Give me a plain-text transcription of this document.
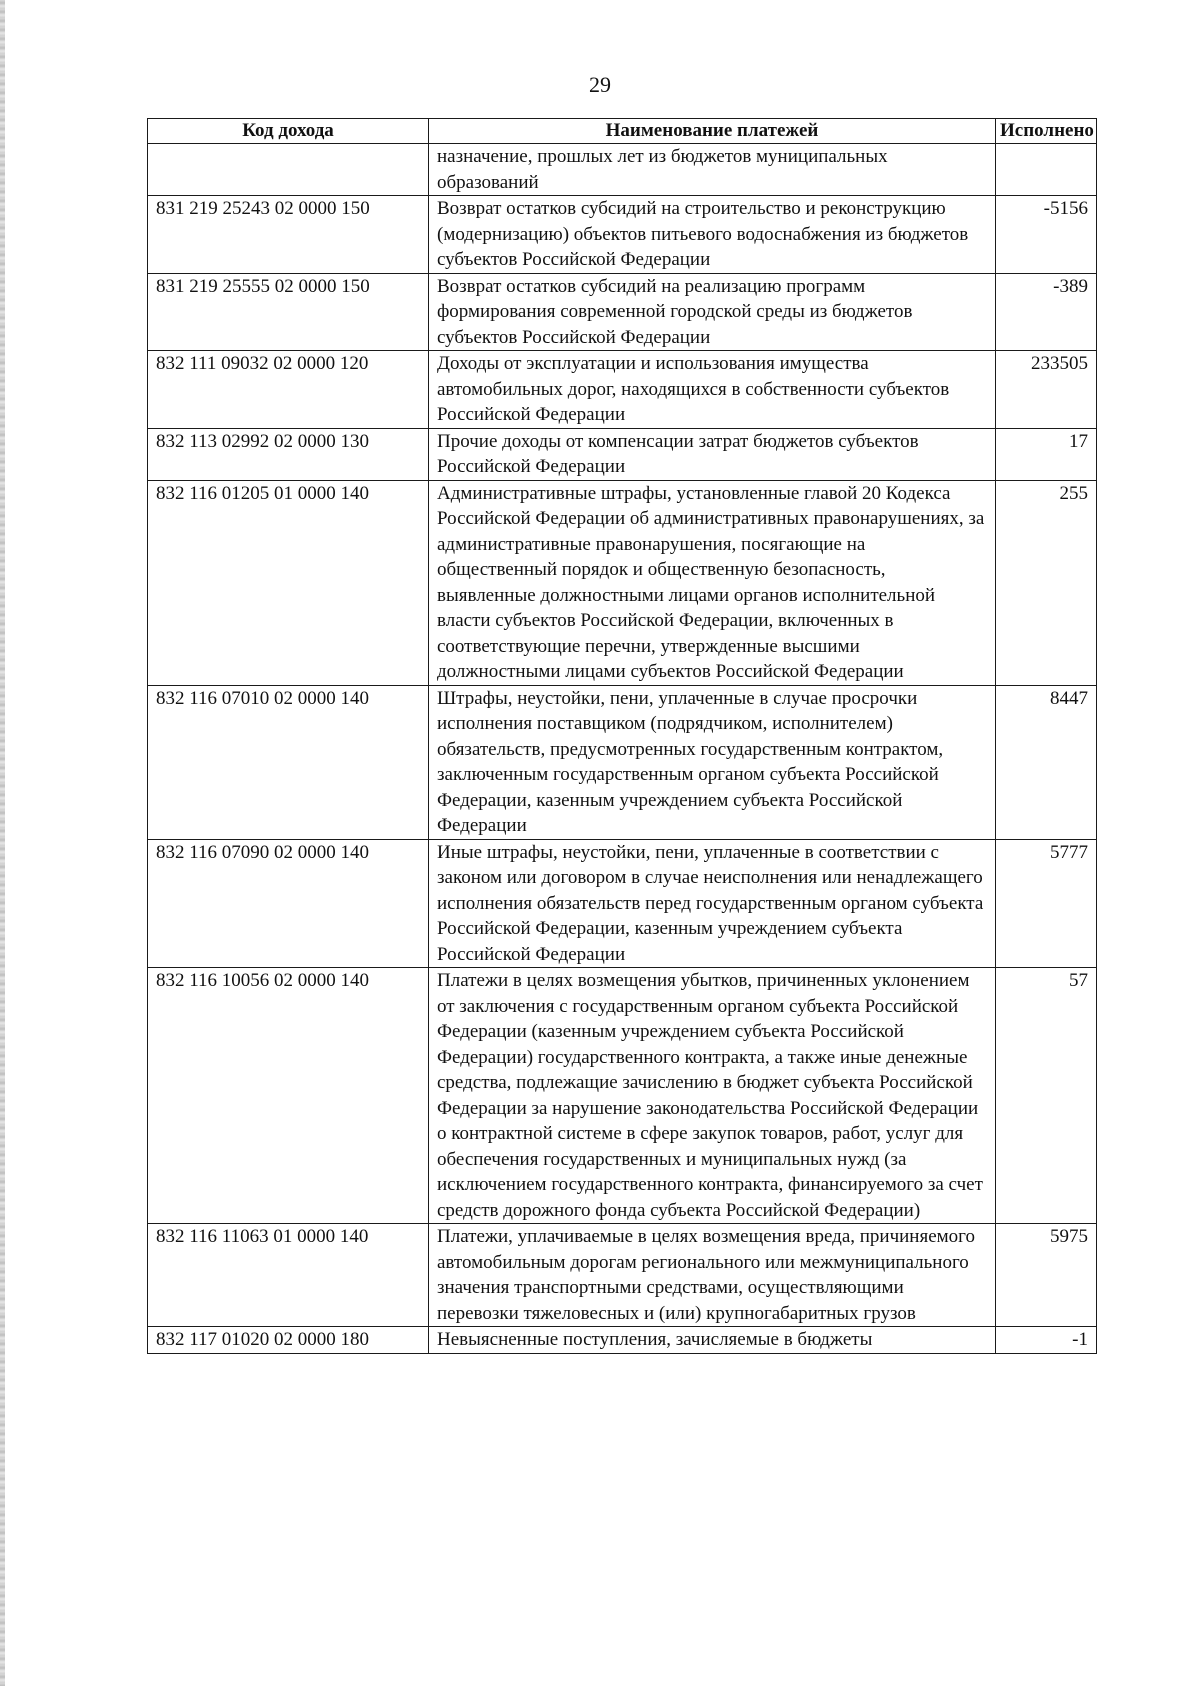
29
Код дохода	Наименование платежей	Исполнено
	назначение, прошлых лет из бюджетов муниципальных образований	
831 219 25243 02 0000 150	Возврат остатков субсидий на строительство и реконструкцию (модернизацию) объектов питьевого водоснабжения из бюджетов субъектов Российской Федерации	-5156
831 219 25555 02 0000 150	Возврат остатков субсидий на реализацию программ формирования современной городской среды из бюджетов субъектов Российской Федерации	-389
832 111 09032 02 0000 120	Доходы от эксплуатации и использования имущества автомобильных дорог, находящихся в собственности субъектов Российской Федерации	233505
832 113 02992 02 0000 130	Прочие доходы от компенсации затрат бюджетов субъектов Российской Федерации	17
832 116 01205 01 0000 140	Административные штрафы, установленные главой 20 Кодекса Российской Федерации об административных правонарушениях, за административные правонарушения, посягающие на общественный порядок и общественную безопасность, выявленные должностными лицами органов исполнительной власти субъектов Российской Федерации, включенных в соответствующие перечни, утвержденные высшими должностными лицами субъектов Российской Федерации	255
832 116 07010 02 0000 140	Штрафы, неустойки, пени, уплаченные в случае просрочки исполнения поставщиком (подрядчиком, исполнителем) обязательств, предусмотренных государственным контрактом, заключенным государственным органом субъекта Российской Федерации, казенным учреждением субъекта Российской Федерации	8447
832 116 07090 02 0000 140	Иные штрафы, неустойки, пени, уплаченные в соответствии с законом или договором в случае неисполнения или ненадлежащего исполнения обязательств перед государственным органом субъекта Российской Федерации, казенным учреждением субъекта Российской Федерации	5777
832 116 10056 02 0000 140	Платежи в целях возмещения убытков, причиненных уклонением от заключения с государственным органом субъекта Российской Федерации (казенным учреждением субъекта Российской Федерации) государственного контракта, а также иные денежные средства, подлежащие зачислению в бюджет субъекта Российской Федерации за нарушение законодательства Российской Федерации о контрактной системе в сфере закупок товаров, работ, услуг для обеспечения государственных и муниципальных нужд (за исключением государственного контракта, финансируемого за счет средств дорожного фонда субъекта Российской Федерации)	57
832 116 11063 01 0000 140	Платежи, уплачиваемые в целях возмещения вреда, причиняемого автомобильным дорогам регионального или межмуниципального значения транспортными средствами, осуществляющими перевозки тяжеловесных и (или) крупногабаритных грузов	5975
832 117 01020 02 0000 180	Невыясненные поступления, зачисляемые в бюджеты	-1
